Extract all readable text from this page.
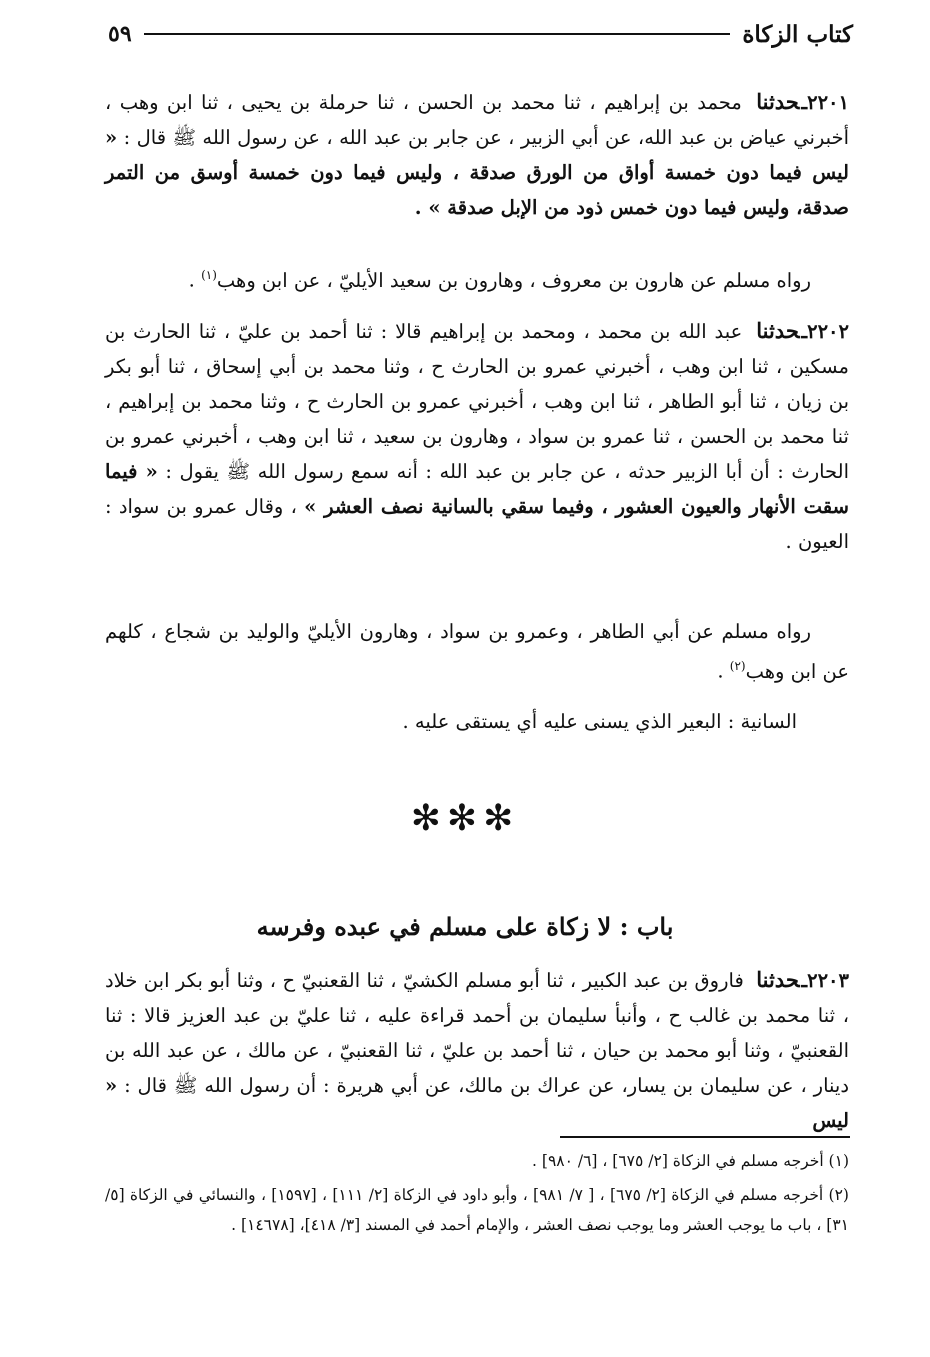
كتاب الزكاة
٥٩
٢٢٠١ـحدثنا محمد بن إبراهيم ، ثنا محمد بن الحسن ، ثنا حرملة بن يحيى ، ثنا ابن وهب ، أخبرني عياض بن عبد الله، عن أبي الزبير ، عن جابر بن عبد الله ، عن رسول الله ﷺ قال : « ليس فيما دون خمسة أواق من الورق صدقة ، وليس فيما دون خمسة أوسق من التمر صدقة، وليس فيما دون خمس ذود من الإبل صدقة » .
رواه مسلم عن هارون بن معروف ، وهارون بن سعيد الأيليّ ، عن ابن وهب$^{(١)}$ .
٢٢٠٢ـحدثنا عبد الله بن محمد ، ومحمد بن إبراهيم قالا : ثنا أحمد بن عليّ ، ثنا الحارث بن مسكين ، ثنا ابن وهب ، أخبرني عمرو بن الحارث ح ، وثنا محمد بن أبي إسحاق ، ثنا أبو بكر بن زيان ، ثنا أبو الطاهر ، ثنا ابن وهب ، أخبرني عمرو بن الحارث ح ، وثنا محمد بن إبراهيم ، ثنا محمد بن الحسن ، ثنا عمرو بن سواد ، وهارون بن سعيد ، ثنا ابن وهب ، أخبرني عمرو بن الحارث : أن أبا الزبير حدثه ، عن جابر بن عبد الله : أنه سمع رسول الله ﷺ يقول : « فيما سقت الأنهار والعيون العشور ، وفيما سقي بالسانية نصف العشر » ، وقال عمرو بن سواد : العيون .
رواه مسلم عن أبي الطاهر ، وعمرو بن سواد ، وهارون الأيليّ والوليد بن شجاع ، كلهم عن ابن وهب$^{(٢)}$ .
السانية : البعير الذي يسنى عليه أي يستقى عليه .
✻✻✻
باب : لا زكاة على مسلم في عبده وفرسه
٢٢٠٣ـحدثنا فاروق بن عبد الكبير ، ثنا أبو مسلم الكشيّ ، ثنا القعنبيّ ح ، وثنا أبو بكر ابن خلاد ، ثنا محمد بن غالب ح ، وأنبأ سليمان بن أحمد قراءة عليه ، ثنا عليّ بن عبد العزيز قالا : ثنا القعنبيّ ، وثنا أبو محمد بن حيان ، ثنا أحمد بن عليّ ، ثنا القعنبيّ ، عن مالك ، عن عبد الله بن دينار ، عن سليمان بن يسار، عن عراك بن مالك، عن أبي هريرة : أن رسول الله ﷺ قال : « ليس
(١) أخرجه مسلم في الزكاة [٢/ ٦٧٥] ، [٦/ ٩٨٠] .
(٢) أخرجه مسلم في الزكاة [٢/ ٦٧٥] ، [ ٧/ ٩٨١] ، وأبو داود في الزكاة [٢/ ١١١] ، [١٥٩٧] ، والنسائي في الزكاة [٥/ ٣١] ، باب ما يوجب العشر وما يوجب نصف العشر ، والإمام أحمد في المسند [٣/ ٤١٨]، [١٤٦٧٨] .
